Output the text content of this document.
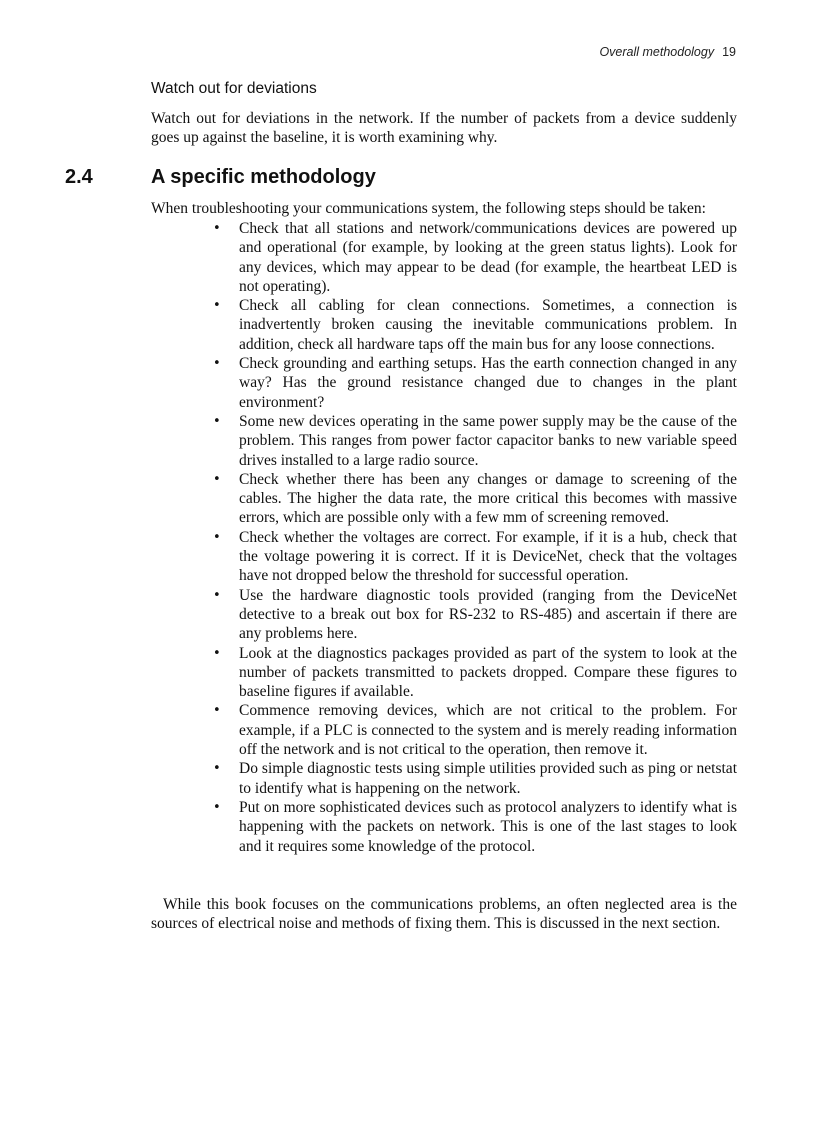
Overall methodology 19
Watch out for deviations

Watch out for deviations in the network. If the number of packets from a device suddenly goes up against the baseline, it is worth examining why.

2.4	A specific methodology

When troubleshooting your communications system, the following steps should be taken:

• Check that all stations and network/communications devices are powered up and operational (for example, by looking at the green status lights). Look for any devices, which may appear to be dead (for example, the heartbeat LED is not operating).
• Check all cabling for clean connections. Sometimes, a connection is inadvertently broken causing the inevitable communications problem. In addition, check all hardware taps off the main bus for any loose connections.
• Check grounding and earthing setups. Has the earth connection changed in any way? Has the ground resistance changed due to changes in the plant environment?
• Some new devices operating in the same power supply may be the cause of the problem. This ranges from power factor capacitor banks to new variable speed drives installed to a large radio source.
• Check whether there has been any changes or damage to screening of the cables. The higher the data rate, the more critical this becomes with massive errors, which are possible only with a few mm of screening removed.
• Check whether the voltages are correct. For example, if it is a hub, check that the voltage powering it is correct. If it is DeviceNet, check that the voltages have not dropped below the threshold for successful operation.
• Use the hardware diagnostic tools provided (ranging from the DeviceNet detective to a break out box for RS-232 to RS-485) and ascertain if there are any problems here.
• Look at the diagnostics packages provided as part of the system to look at the number of packets transmitted to packets dropped. Compare these figures to baseline figures if available.
• Commence removing devices, which are not critical to the problem. For example, if a PLC is connected to the system and is merely reading information off the network and is not critical to the operation, then remove it.
• Do simple diagnostic tests using simple utilities provided such as ping or netstat to identify what is happening on the network.
• Put on more sophisticated devices such as protocol analyzers to identify what is happening with the packets on network. This is one of the last stages to look and it requires some knowledge of the protocol.

While this book focuses on the communications problems, an often neglected area is the sources of electrical noise and methods of fixing them. This is discussed in the next section.
